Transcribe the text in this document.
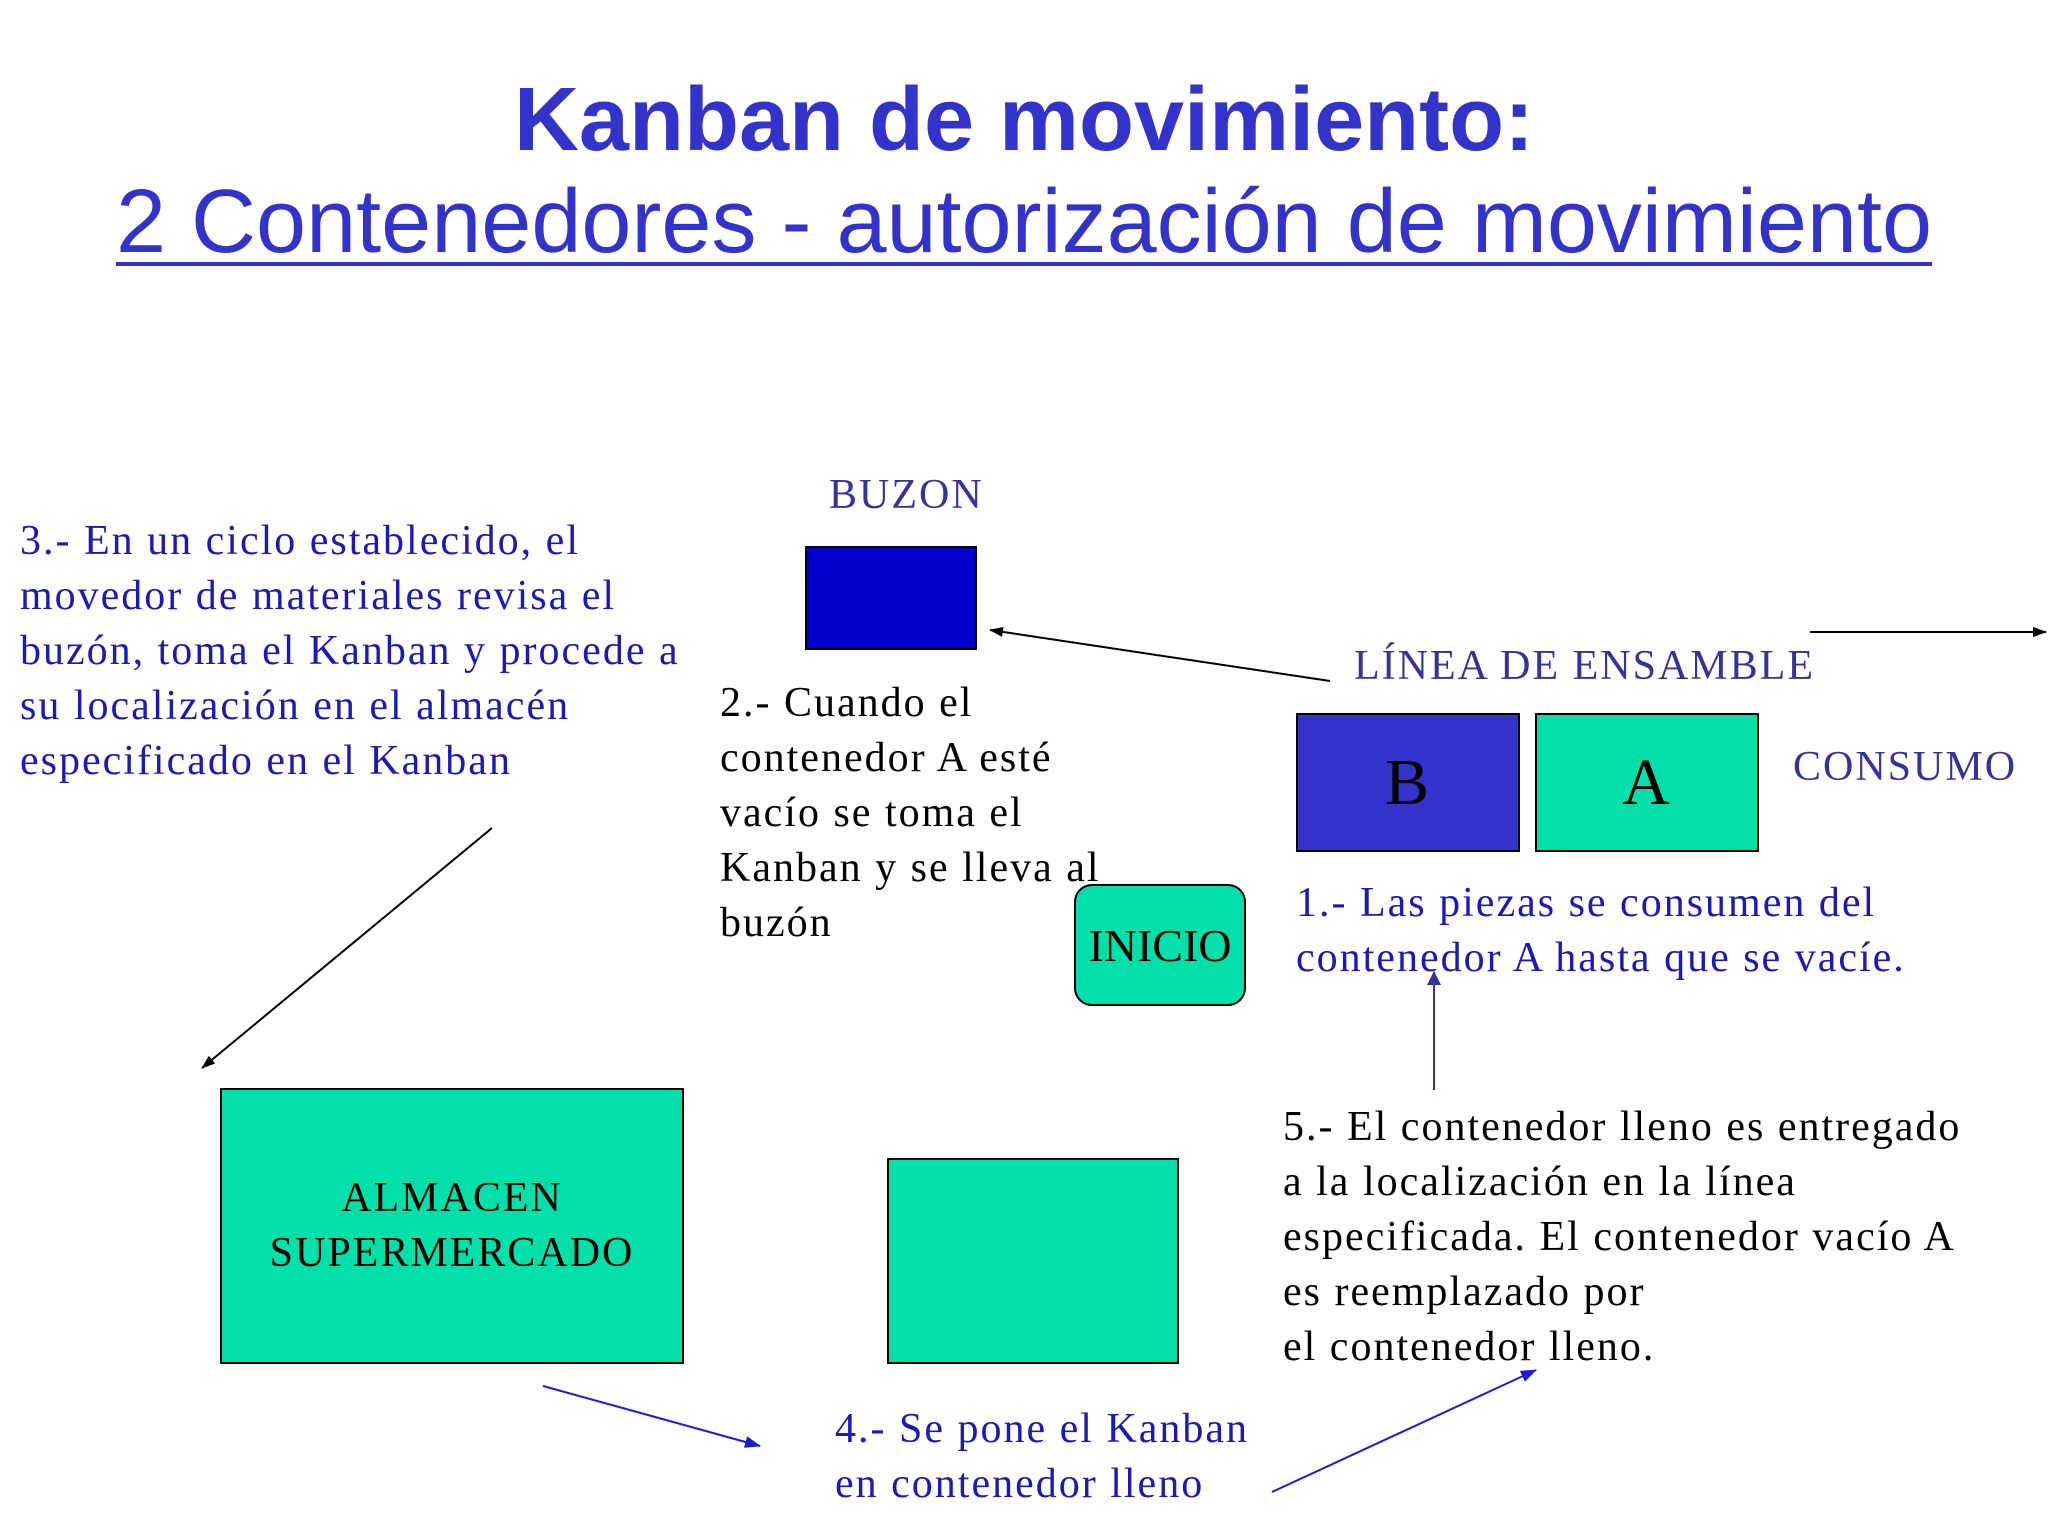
Kanban de movimiento:
2 Contenedores - autorización de movimiento

BUZON

LÍNEA DE ENSAMBLE

CONSUMO

B	A
INICIO
ALMACEN
SUPERMERCADO

1.- Las piezas se consumen del
contenedor A hasta que se vacíe.

2.- Cuando el
contenedor A esté
vacío se toma el
Kanban y se lleva al
buzón

3.- En un ciclo establecido, el
movedor de materiales revisa el
buzón, toma el Kanban y procede a
su localización en el almacén
especificado en el Kanban

4.- Se pone el Kanban
en contenedor lleno

5.- El contenedor lleno es entregado
a la localización en la línea
especificada. El contenedor vacío A
es reemplazado por
el contenedor lleno.
